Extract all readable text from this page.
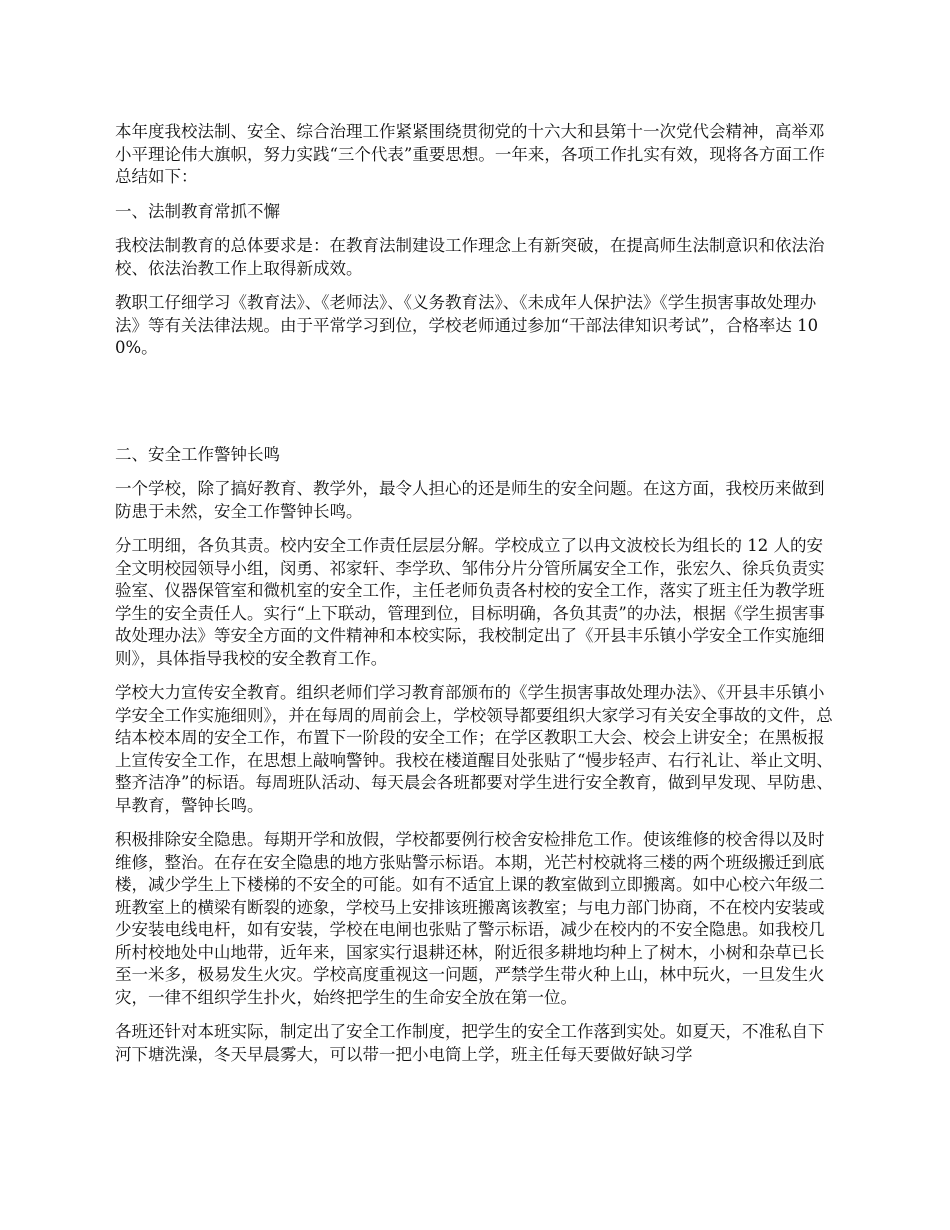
本年度我校法制、安全、综合治理工作紧紧围绕贯彻党的十六大和县第十一次党代会精神，高举邓小平理论伟大旗帜，努力实践“三个代表”重要思想。一年来，各项工作扎实有效，现将各方面工作总结如下：

一、法制教育常抓不懈

我校法制教育的总体要求是：在教育法制建设工作理念上有新突破，在提高师生法制意识和依法治校、依法治教工作上取得新成效。

教职工仔细学习《教育法》、《老师法》、《义务教育法》、《未成年人保护法》《学生损害事故处理办法》等有关法律法规。由于平常学习到位，学校老师通过参加“干部法律知识考试”，合格率达 100%。

二、安全工作警钟长鸣

一个学校，除了搞好教育、教学外，最令人担心的还是师生的安全问题。在这方面，我校历来做到防患于未然，安全工作警钟长鸣。

分工明细，各负其责。校内安全工作责任层层分解。学校成立了以冉文波校长为组长的 12 人的安全文明校园领导小组，闵勇、祁家轩、李学玖、邹伟分片分管所属安全工作，张宏久、徐兵负责实验室、仪器保管室和微机室的安全工作，主任老师负责各村校的安全工作，落实了班主任为教学班学生的安全责任人。实行“上下联动，管理到位，目标明确，各负其责”的办法，根据《学生损害事故处理办法》等安全方面的文件精神和本校实际，我校制定出了《开县丰乐镇小学安全工作实施细则》，具体指导我校的安全教育工作。

学校大力宣传安全教育。组织老师们学习教育部颁布的《学生损害事故处理办法》、《开县丰乐镇小学安全工作实施细则》，并在每周的周前会上，学校领导都要组织大家学习有关安全事故的文件，总结本校本周的安全工作，布置下一阶段的安全工作；在学区教职工大会、校会上讲安全；在黑板报上宣传安全工作，在思想上敲响警钟。我校在楼道醒目处张贴了“慢步轻声、右行礼让、举止文明、整齐洁净”的标语。每周班队活动、每天晨会各班都要对学生进行安全教育，做到早发现、早防患、早教育，警钟长鸣。

积极排除安全隐患。每期开学和放假，学校都要例行校舍安检排危工作。使该维修的校舍得以及时维修，整治。在存在安全隐患的地方张贴警示标语。本期，光芒村校就将三楼的两个班级搬迁到底楼，减少学生上下楼梯的不安全的可能。如有不适宜上课的教室做到立即搬离。如中心校六年级二班教室上的横梁有断裂的迹象，学校马上安排该班搬离该教室；与电力部门协商，不在校内安装或少安装电线电杆，如有安装，学校在电闸也张贴了警示标语，减少在校内的不安全隐患。如我校几所村校地处中山地带，近年来，国家实行退耕还林，附近很多耕地均种上了树木，小树和杂草已长至一米多，极易发生火灾。学校高度重视这一问题，严禁学生带火种上山，林中玩火，一旦发生火灾，一律不组织学生扑火，始终把学生的生命安全放在第一位。

各班还针对本班实际，制定出了安全工作制度，把学生的安全工作落到实处。如夏天，不准私自下河下塘洗澡，冬天早晨雾大，可以带一把小电筒上学，班主任每天要做好缺习学
